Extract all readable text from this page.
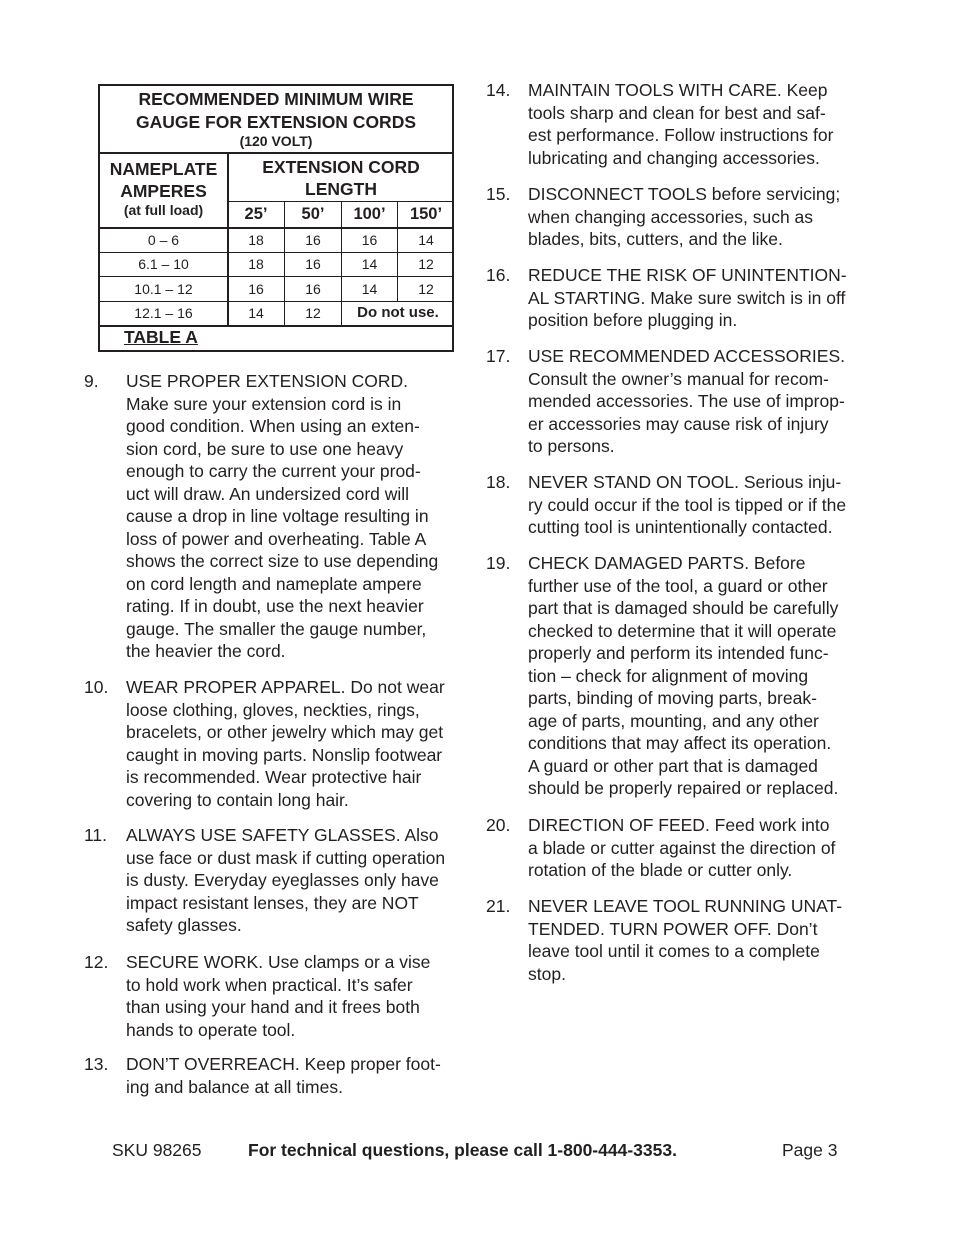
RECOMMENDED MINIMUM WIRE
GAUGE FOR EXTENSION CORDS
(120 VOLT)
NAMEPLATE
AMPERES
(at full load)
EXTENSION CORD
LENGTH
25’	50’	100’	150’
0 – 6	18	16	16	14
6.1 – 10	18	16	14	12
10.1 – 12	16	16	14	12
12.1 – 16	14	12	Do not use.
TABLE A
9. USE PROPER EXTENSION CORD.
Make sure your extension cord is in
good condition. When using an exten-
sion cord, be sure to use one heavy
enough to carry the current your prod-
uct will draw. An undersized cord will
cause a drop in line voltage resulting in
loss of power and overheating. Table A
shows the correct size to use depending
on cord length and nameplate ampere
rating. If in doubt, use the next heavier
gauge. The smaller the gauge number,
the heavier the cord.
10. WEAR PROPER APPAREL. Do not wear
loose clothing, gloves, neckties, rings,
bracelets, or other jewelry which may get
caught in moving parts. Nonslip footwear
is recommended. Wear protective hair
covering to contain long hair.
11. ALWAYS USE SAFETY GLASSES. Also
use face or dust mask if cutting operation
is dusty. Everyday eyeglasses only have
impact resistant lenses, they are NOT
safety glasses.
12. SECURE WORK. Use clamps or a vise
to hold work when practical. It’s safer
than using your hand and it frees both
hands to operate tool.
13. DON’T OVERREACH. Keep proper foot-
ing and balance at all times.
14. MAINTAIN TOOLS WITH CARE. Keep
tools sharp and clean for best and saf-
est performance. Follow instructions for
lubricating and changing accessories.
15. DISCONNECT TOOLS before servicing;
when changing accessories, such as
blades, bits, cutters, and the like.
16. REDUCE THE RISK OF UNINTENTION-
AL STARTING. Make sure switch is in off
position before plugging in.
17. USE RECOMMENDED ACCESSORIES.
Consult the owner’s manual for recom-
mended accessories. The use of improp-
er accessories may cause risk of injury
to persons.
18. NEVER STAND ON TOOL. Serious inju-
ry could occur if the tool is tipped or if the
cutting tool is unintentionally contacted.
19. CHECK DAMAGED PARTS. Before
further use of the tool, a guard or other
part that is damaged should be carefully
checked to determine that it will operate
properly and perform its intended func-
tion – check for alignment of moving
parts, binding of moving parts, break-
age of parts, mounting, and any other
conditions that may affect its operation.
A guard or other part that is damaged
should be properly repaired or replaced.
20. DIRECTION OF FEED. Feed work into
a blade or cutter against the direction of
rotation of the blade or cutter only.
21. NEVER LEAVE TOOL RUNNING UNAT-
TENDED. TURN POWER OFF. Don’t
leave tool until it comes to a complete
stop.
SKU 98265	For technical questions, please call 1-800-444-3353.	Page 3
